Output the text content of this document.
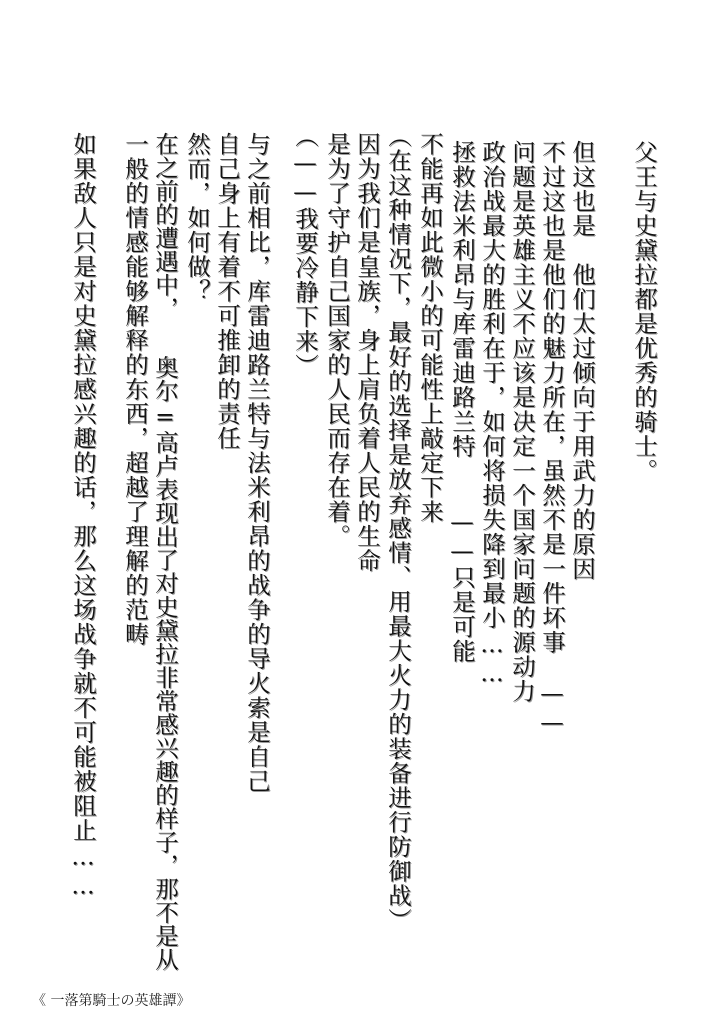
父王与史黛拉都是优秀的骑士。
但这也是　他们太过倾向于用武力的原因
不过这也是他们的魅力所在，虽然不是一件坏事　——
问题是英雄主义不应该是决定一个国家问题的源动力
政治战最大的胜利在于，如何将损失降到最小……
拯救法米利昂与库雷迪路兰特　　——只是可能
不能再如此微小的可能性上敲定下来
（在这种情况下，最好的选择是放弃感情、用最大火力的装备进行防御战）
因为我们是皇族，身上肩负着人民的生命
是为了守护自己国家的人民而存在着。
（——我要冷静下来）
与之前相比，库雷迪路兰特与法米利昂的战争的导火索是自己
自己身上有着不可推卸的责任
然而，如何做？
在之前的遭遇中，　　奥尔=高卢表现出了对史黛拉非常感兴趣的样子，那不是从
一般的情感能够解释的东西，超越了理解的范畴
如果敌人只是对史黛拉感兴趣的话，那么这场战争就不可能被阻止……
《 一落第騎士の英雄譚》
